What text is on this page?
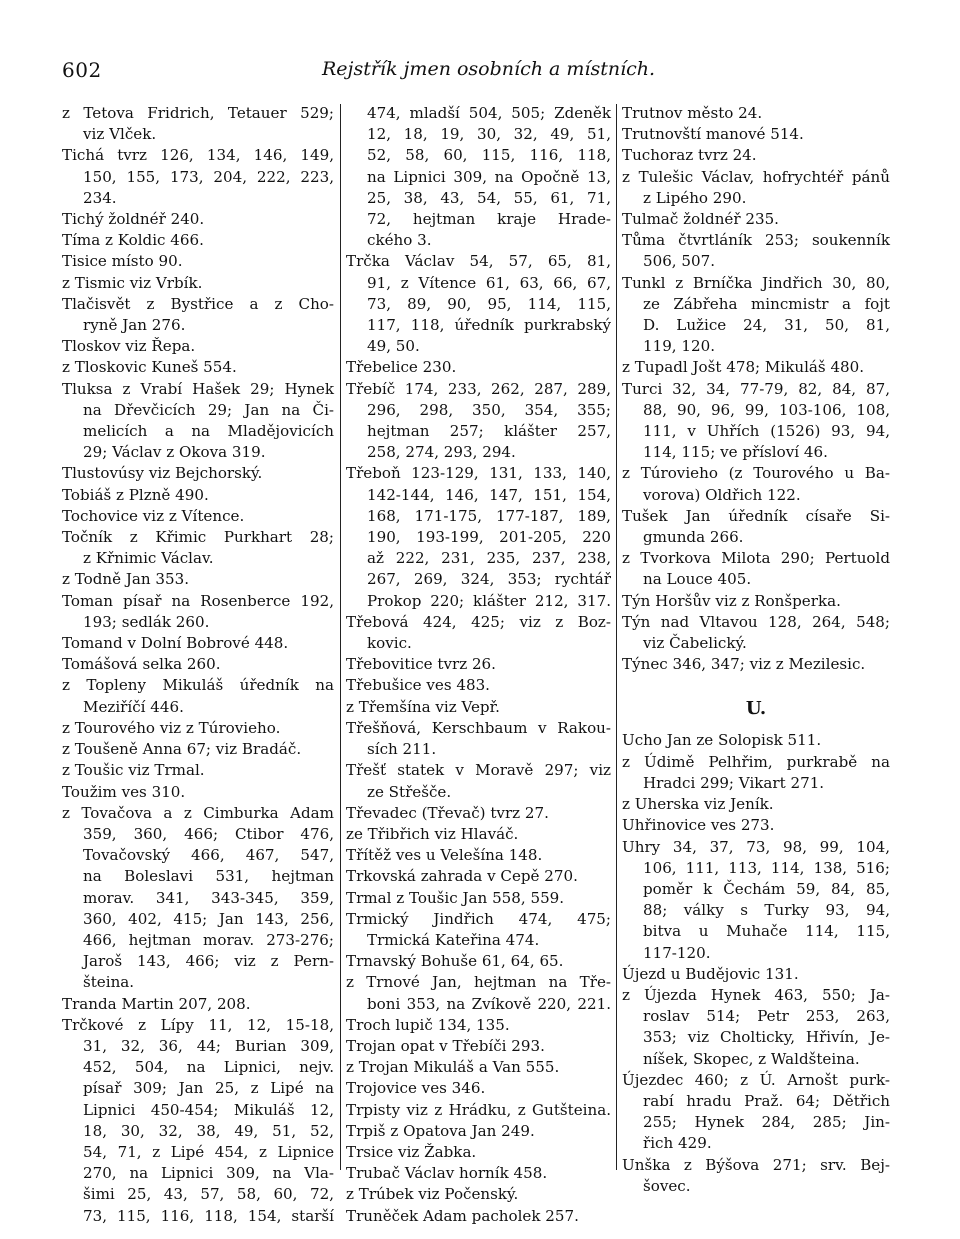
602	Rejstřík jmen osobních a místních.
z Tetova Fridrich, Tetauer 529;
viz Vlček.
Tichá tvrz 126, 134, 146, 149,
150, 155, 173, 204, 222, 223,
234.
Tichý žoldnéř 240.
Tíma z Koldic 466.
Tisice místo 90.
z Tismic viz Vrbík.
Tlačisvět z Bystřice a z Cho-
ryně Jan 276.
Tloskov viz Řepa.
z Tloskovic Kuneš 554.
Tluksa z Vrabí Hašek 29; Hynek
na Dřevčicích 29; Jan na Či-
melicích a na Mladějovicích
29; Václav z Okova 319.
Tlustovúsy viz Bejchorský.
Tobiáš z Plzně 490.
Tochovice viz z Vítence.
Točník z Křimic Purkhart 28;
z Křnimic Václav.
z Todně Jan 353.
Toman písař na Rosenberce 192,
193; sedlák 260.
Tomand v Dolní Bobrové 448.
Tomášová selka 260.
z Topleny Mikuláš úředník na
Meziříčí 446.
z Tourového viz z Túrovieho.
z Toušeně Anna 67; viz Bradáč.
z Toušic viz Trmal.
Toužim ves 310.
z Tovačova a z Cimburka Adam
359, 360, 466; Ctibor 476,
Tovačovský 466, 467, 547,
na Boleslavi 531, hejtman
morav. 341, 343-345, 359,
360, 402, 415; Jan 143, 256,
466, hejtman morav. 273-276;
Jaroš 143, 466; viz z Pern-
šteina.
Tranda Martin 207, 208.
Trčkové z Lípy 11, 12, 15-18,
31, 32, 36, 44; Burian 309,
452, 504, na Lipnici, nejv.
písař 309; Jan 25, z Lipé na
Lipnici 450-454; Mikuláš 12,
18, 30, 32, 38, 49, 51, 52,
54, 71, z Lipé 454, z Lipnice
270, na Lipnici 309, na Vla-
šimi 25, 43, 57, 58, 60, 72,
73, 115, 116, 118, 154, starší
474, mladší 504, 505; Zdeněk
12, 18, 19, 30, 32, 49, 51,
52, 58, 60, 115, 116, 118,
na Lipnici 309, na Opočně 13,
25, 38, 43, 54, 55, 61, 71,
72, hejtman kraje Hrade-
ckého 3.
Trčka Václav 54, 57, 65, 81,
91, z Vítence 61, 63, 66, 67,
73, 89, 90, 95, 114, 115,
117, 118, úředník purkrabský
49, 50.
Třebelice 230.
Třebíč 174, 233, 262, 287, 289,
296, 298, 350, 354, 355;
hejtman 257; klášter 257,
258, 274, 293, 294.
Třeboň 123-129, 131, 133, 140,
142-144, 146, 147, 151, 154,
168, 171-175, 177-187, 189,
190, 193-199, 201-205, 220
až 222, 231, 235, 237, 238,
267, 269, 324, 353; rychtář
Prokop 220; klášter 212, 317.
Třebová 424, 425; viz z Boz-
kovic.
Třebovitice tvrz 26.
Třebušice ves 483.
z Třemšína viz Vepř.
Třešňová, Kerschbaum v Rakou-
sích 211.
Třešť statek v Moravě 297; viz
ze Střešče.
Třevadec (Třevač) tvrz 27.
ze Třibřich viz Hlaváč.
Třítěž ves u Velešína 148.
Trkovská zahrada v Cepě 270.
Trmal z Toušic Jan 558, 559.
Trmický Jindřich 474, 475;
Trmická Kateřina 474.
Trnavský Bohuše 61, 64, 65.
z Trnové Jan, hejtman na Tře-
boni 353, na Zvíkově 220, 221.
Troch lupič 134, 135.
Trojan opat v Třebíči 293.
z Trojan Mikuláš a Van 555.
Trojovice ves 346.
Trpisty viz z Hrádku, z Gutšteina.
Trpiš z Opatova Jan 249.
Trsice viz Žabka.
Trubač Václav horník 458.
z Trúbek viz Počenský.
Truněček Adam pacholek 257.
Trutnov město 24.
Trutnovští manové 514.
Tuchoraz tvrz 24.
z Tulešic Václav, hofrychtéř pánů
z Lipého 290.
Tulmač žoldnéř 235.
Tůma čtvrtláník 253; soukenník
506, 507.
Tunkl z Brníčka Jindřich 30, 80,
ze Zábřeha mincmistr a fojt
D. Lužice 24, 31, 50, 81,
119, 120.
z Tupadl Jošt 478; Mikuláš 480.
Turci 32, 34, 77-79, 82, 84, 87,
88, 90, 96, 99, 103-106, 108,
111, v Uhřích (1526) 93, 94,
114, 115; ve přísloví 46.
z Túrovieho (z Tourového u Ba-
vorova) Oldřich 122.
Tušek Jan úředník císaře Si-
gmunda 266.
z Tvorkova Milota 290; Pertuold
na Louce 405.
Týn Horšův viz z Ronšperka.
Týn nad Vltavou 128, 264, 548;
viz Čabelický.
Týnec 346, 347; viz z Mezilesic.
U.
Ucho Jan ze Solopisk 511.
z Údimě Pelhřim, purkrabě na
Hradci 299; Vikart 271.
z Uherska viz Jeník.
Uhřinovice ves 273.
Uhry 34, 37, 73, 98, 99, 104,
106, 111, 113, 114, 138, 516;
poměr k Čechám 59, 84, 85,
88; války s Turky 93, 94,
bitva u Muhače 114, 115,
117-120.
Újezd u Budějovic 131.
z Újezda Hynek 463, 550; Ja-
roslav 514; Petr 253, 263,
353; viz Cholticky, Hřivín, Je-
níšek, Skopec, z Waldšteina.
Újezdec 460; z Ú. Arnošt purk-
rabí hradu Praž. 64; Dětřich
255; Hynek 284, 285; Jin-
řich 429.
Unška z Býšova 271; srv. Bej-
šovec.
